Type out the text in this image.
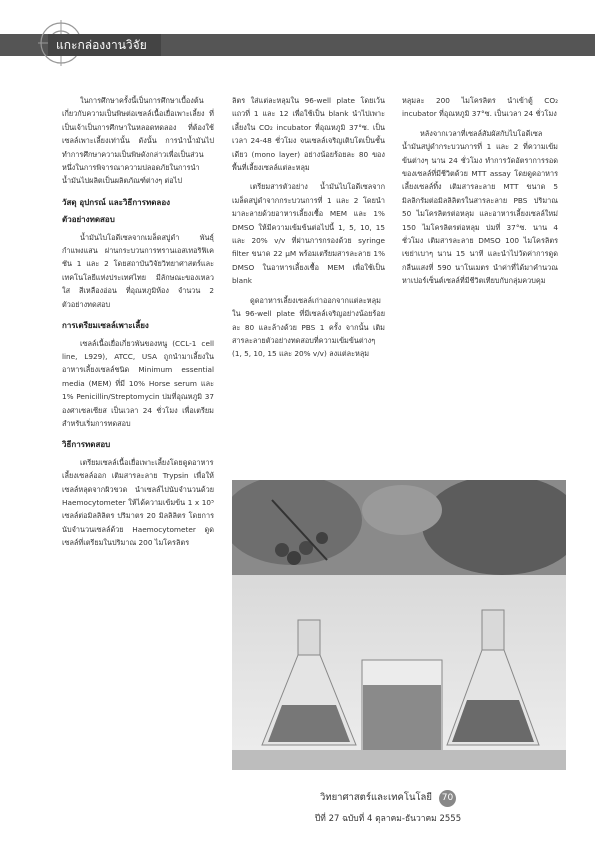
แกะกล่องงานวิจัย

ในการศึกษาครั้งนี้เป็นการศึกษาเบื้องต้นเกี่ยวกับความเป็นพิษต่อเซลล์เนื้อเยื่อเพาะเลี้ยง ที่เป็นเจ้าเป็นการศึกษาในหลอดทดลอง ที่ต้องใช้เซลล์เพาะเลี้ยงเท่านั้น ดังนั้น การนำน้ำมันไปทำการศึกษาความเป็นพิษดังกล่าวเพื่อเป็นส่วนหนึ่งในการพิจารณาความปลอดภัยในการนำน้ำมันไปผลิตเป็นผลิตภัณฑ์ต่างๆ ต่อไป

วัสดุ อุปกรณ์ และวิธีการทดลอง
ตัวอย่างทดสอบ

น้ำมันไบโอดีเซลจากเมล็ดสบู่ดำ พันธุ์กำแพงแสน ผ่านกระบวนการทรานเอสเทอริฟิเคชัน 1 และ 2 โดยสถาบันวิจัยวิทยาศาสตร์และเทคโนโลยีแห่งประเทศไทย มีลักษณะของเหลวใส สีเหลืองอ่อน ที่อุณหภูมิห้อง จำนวน 2 ตัวอย่างทดสอบ

การเตรียมเซลล์เพาะเลี้ยง

เซลล์เนื้อเยื่อเกี่ยวพันของหนู (CCL-1 cell line, L929), ATCC, USA ถูกนำมาเลี้ยงในอาหารเลี้ยงเซลล์ชนิด Minimum essential media (MEM) ที่มี 10% Horse serum และ 1% Penicillin/Streptomycin บ่มที่อุณหภูมิ 37 องศาเซลเซียส เป็นเวลา 24 ชั่วโมง เพื่อเตรียมสำหรับเริ่มการทดสอบ

วิธีการทดสอบ

เตรียมเซลล์เนื้อเยื่อเพาะเลี้ยงโดยดูดอาหารเลี้ยงเซลล์ออก เติมสารละลาย Trypsin เพื่อให้เซลล์หลุดจากผิวขวด นำเซลล์ไปนับจำนวนด้วย Haemocytometer ให้ได้ความเข้มข้น 1 x 10⁵ เซลล์ต่อมิลลิลิตร ปริมาตร 20 มิลลิลิตร โดยการนับจำนวนเซลล์ด้วย Haemocytometer ดูดเซลล์ที่เตรียมในปริมาณ 200 ไมโครลิตร

ลิตร ใส่แต่ละหลุมใน 96-well plate โดยเว้นแถวที่ 1 และ 12 เพื่อใช้เป็น blank นำไปเพาะเลี้ยงใน CO₂ incubator ที่อุณหภูมิ 37°ซ. เป็นเวลา 24-48 ชั่วโมง จนเซลล์เจริญเติบโตเป็นชั้นเดียว (mono layer) อย่างน้อยร้อยละ 80 ของพื้นที่เลี้ยงเซลล์แต่ละหลุม

เตรียมสารตัวอย่าง น้ำมันไบโอดีเซลจากเมล็ดสบู่ดำจากกระบวนการที่ 1 และ 2 โดยนำมาละลายด้วยอาหารเลี้ยงเชื้อ MEM และ 1% DMSO ให้มีความเข้มข้นต่อไปนี้ 1, 5, 10, 15 และ 20% v/v ที่ผ่านการกรองด้วย syringe filter ขนาด 22 μM พร้อมเตรียมสารละลาย 1% DMSO ในอาหารเลี้ยงเชื้อ MEM เพื่อใช้เป็น blank

ดูดอาหารเลี้ยงเซลล์เก่าออกจากแต่ละหลุมใน 96-well plate ที่มีเซลล์เจริญอย่างน้อยร้อยละ 80 และล้างด้วย PBS 1 ครั้ง จากนั้น เติมสารละลายตัวอย่างทดสอบที่ความเข้มข้นต่างๆ (1, 5, 10, 15 และ 20% v/v) ลงแต่ละหลุม

หลุมละ 200 ไมโครลิตร นำเข้าตู้ CO₂ incubator ที่อุณหภูมิ 37°ซ. เป็นเวลา 24 ชั่วโมง

หลังจากเวลาที่เซลล์สัมผัสกับไบโอดีเซลน้ำมันสบู่ดำกระบวนการที่ 1 และ 2 ที่ความเข้มข้นต่างๆ นาน 24 ชั่วโมง ทำการวัดอัตราการรอดของเซลล์ที่มีชีวิตด้วย MTT assay โดยดูดอาหารเลี้ยงเซลล์ทิ้ง เติมสารละลาย MTT ขนาด 5 มิลลิกรัมต่อมิลลิลิตรในสารละลาย PBS ปริมาณ 50 ไมโครลิตรต่อหลุม และอาหารเลี้ยงเซลล์ใหม่ 150 ไมโครลิตรต่อหลุม บ่มที่ 37°ซ. นาน 4 ชั่วโมง เติมสารละลาย DMSO 100 ไมโครลิตร เขย่าเบาๆ นาน 15 นาที และนำไปวัดค่าการดูดกลืนแสงที่ 590 นาโนเมตร นำค่าที่ได้มาคำนวณหาเปอร์เซ็นต์เซลล์ที่มีชีวิตเทียบกับกลุ่มควบคุม

วิทยาศาสตร์และเทคโนโลยี 70
ปีที่ 27 ฉบับที่ 4 ตุลาคม-ธันวาคม 2555
